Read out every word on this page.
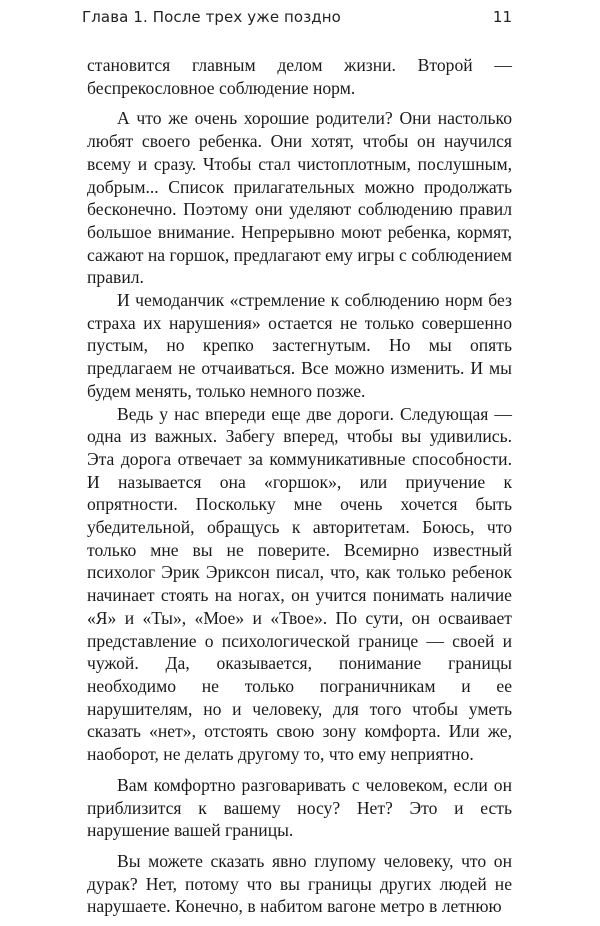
Глава 1. После трех уже поздно	11

становится главным делом жизни. Второй — беспрекословное соблюдение норм.

А что же очень хорошие родители? Они настолько любят своего ребенка. Они хотят, чтобы он научился всему и сразу. Чтобы стал чистоплотным, послушным, добрым... Список прилагательных можно продолжать бесконечно. Поэтому они уделяют соблюдению правил большое внимание. Непрерывно моют ребенка, кормят, сажают на горшок, предлагают ему игры с соблюдением правил.

И чемоданчик «стремление к соблюдению норм без страха их нарушения» остается не только совершенно пустым, но крепко застегнутым. Но мы опять предлагаем не отчаиваться. Все можно изменить. И мы будем менять, только немного позже.

Ведь у нас впереди еще две дороги. Следующая — одна из важных. Забегу вперед, чтобы вы удивились. Эта дорога отвечает за коммуникативные способности. И называется она «горшок», или приучение к опрятности. Поскольку мне очень хочется быть убедительной, обращусь к авторитетам. Боюсь, что только мне вы не поверите. Всемирно известный психолог Эрик Эриксон писал, что, как только ребенок начинает стоять на ногах, он учится понимать наличие «Я» и «Ты», «Мое» и «Твое». По сути, он осваивает представление о психологической границе — своей и чужой. Да, оказывается, понимание границы необходимо не только пограничникам и ее нарушителям, но и человеку, для того чтобы уметь сказать «нет», отстоять свою зону комфорта. Или же, наоборот, не делать другому то, что ему неприятно.

Вам комфортно разговаривать с человеком, если он приблизится к вашему носу? Нет? Это и есть нарушение вашей границы.

Вы можете сказать явно глупому человеку, что он дурак? Нет, потому что вы границы других людей не нарушаете. Конечно, в набитом вагоне метро в летнюю
